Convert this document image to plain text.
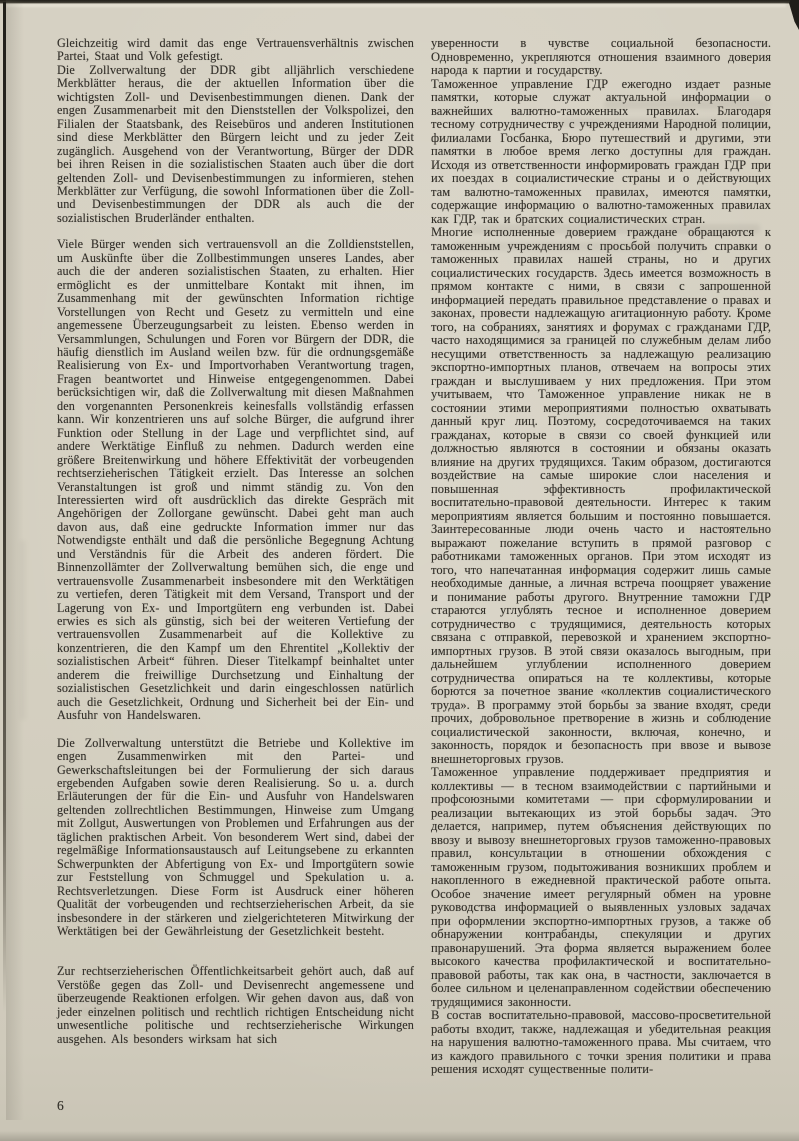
Gleichzeitig wird damit das enge Vertrauensverhältnis zwischen Partei, Staat und Volk gefestigt.

Die Zollverwaltung der DDR gibt alljährlich verschiedene Merkblätter heraus, die der aktuellen Information über die wichtigsten Zoll- und Devisenbestimmungen dienen. Dank der engen Zusammenarbeit mit den Dienststellen der Volkspolizei, den Filialen der Staatsbank, des Reisebüros und anderen Institutionen sind diese Merkblätter den Bürgern leicht und zu jeder Zeit zugänglich. Ausgehend von der Verantwortung, Bürger der DDR bei ihren Reisen in die sozialistischen Staaten auch über die dort geltenden Zoll- und Devisenbestimmungen zu informieren, stehen Merkblätter zur Verfügung, die sowohl Informationen über die Zoll- und Devisenbestimmungen der DDR als auch die der sozialistischen Bruderländer enthalten.

Viele Bürger wenden sich vertrauensvoll an die Zolldienststellen, um Auskünfte über die Zollbestimmungen unseres Landes, aber auch die der anderen sozialistischen Staaten, zu erhalten. Hier ermöglicht es der unmittelbare Kontakt mit ihnen, im Zusammenhang mit der gewünschten Information richtige Vorstellungen von Recht und Gesetz zu vermitteln und eine angemessene Überzeugungsarbeit zu leisten. Ebenso werden in Versammlungen, Schulungen und Foren vor Bürgern der DDR, die häufig dienstlich im Ausland weilen bzw. für die ordnungsgemäße Realisierung von Ex- und Importvorhaben Verantwortung tragen, Fragen beantwortet und Hinweise entgegengenommen. Dabei berücksichtigen wir, daß die Zollverwaltung mit diesen Maßnahmen den vorgenannten Personenkreis keinesfalls vollständig erfassen kann. Wir konzentrieren uns auf solche Bürger, die aufgrund ihrer Funktion oder Stellung in der Lage und verpflichtet sind, auf andere Werktätige Einfluß zu nehmen. Dadurch werden eine größere Breitenwirkung und höhere Effektivität der vorbeugenden rechtserzieherischen Tätigkeit erzielt. Das Interesse an solchen Veranstaltungen ist groß und nimmt ständig zu. Von den Interessierten wird oft ausdrücklich das direkte Gespräch mit Angehörigen der Zollorgane gewünscht. Dabei geht man auch davon aus, daß eine gedruckte Information immer nur das Notwendigste enthält und daß die persönliche Begegnung Achtung und Verständnis für die Arbeit des anderen fördert. Die Binnenzollämter der Zollverwaltung bemühen sich, die enge und vertrauensvolle Zusammenarbeit insbesondere mit den Werktätigen zu vertiefen, deren Tätigkeit mit dem Versand, Transport und der Lagerung von Ex- und Importgütern eng verbunden ist. Dabei erwies es sich als günstig, sich bei der weiteren Vertiefung der vertrauensvollen Zusammenarbeit auf die Kollektive zu konzentrieren, die den Kampf um den Ehrentitel „Kollektiv der sozialistischen Arbeit“ führen. Dieser Titelkampf beinhaltet unter anderem die freiwillige Durchsetzung und Einhaltung der sozialistischen Gesetzlichkeit und darin eingeschlossen natürlich auch die Gesetzlichkeit, Ordnung und Sicherheit bei der Ein- und Ausfuhr von Handelswaren.

Die Zollverwaltung unterstützt die Betriebe und Kollektive im engen Zusammenwirken mit den Partei- und Gewerkschaftsleitungen bei der Formulierung der sich daraus ergebenden Aufgaben sowie deren Realisierung. So u. a. durch Erläuterungen der für die Ein- und Ausfuhr von Handelswaren geltenden zollrechtlichen Bestimmungen, Hinweise zum Umgang mit Zollgut, Auswertungen von Problemen und Erfahrungen aus der täglichen praktischen Arbeit. Von besonderem Wert sind, dabei der regelmäßige Informationsaustausch auf Leitungsebene zu erkannten Schwerpunkten der Abfertigung von Ex- und Importgütern sowie zur Feststellung von Schmuggel und Spekulation u. a. Rechtsverletzungen. Diese Form ist Ausdruck einer höheren Qualität der vorbeugenden und rechtserzieherischen Arbeit, da sie insbesondere in der stärkeren und zielgerichteteren Mitwirkung der Werktätigen bei der Gewährleistung der Gesetzlichkeit besteht.

Zur rechtserzieherischen Öffentlichkeitsarbeit gehört auch, daß auf Verstöße gegen das Zoll- und Devisenrecht angemessene und überzeugende Reaktionen erfolgen. Wir gehen davon aus, daß von jeder einzelnen politisch und rechtlich richtigen Entscheidung nicht unwesentliche politische und rechtserzieherische Wirkungen ausgehen. Als besonders wirksam hat sich

уверенности в чувстве социальной безопасности. Одновременно, укрепляются отношения взаимного доверия народа к партии и государству.

Таможенное управление ГДР ежегодно издает разные памятки, которые служат актуальной информации о важнейших валютно-таможенных правилах. Благодаря тесному сотрудничеству с учреждениями Народной полиции, филиалами Госбанка, Бюро путешествий и другими, эти памятки в любое время легко доступны для граждан. Исходя из ответственности информировать граждан ГДР при их поездах в социалистические страны и о действующих там валютно-таможенных правилах, имеются памятки, содержащие информацию о валютно-таможенных правилах как ГДР, так и братских социалистических стран.

Многие исполненные доверием граждане обращаются к таможенным учреждениям с просьбой получить справки о таможенных правилах нашей страны, но и других социалистических государств. Здесь имеется возможность в прямом контакте с ними, в связи с запрошенной информацией передать правильное представление о правах и законах, провести надлежащую агитационную работу. Кроме того, на собраниях, занятиях и форумах с гражданами ГДР, часто находящимися за границей по служебным делам либо несущими ответственность за надлежащую реализацию экспортно-импортных планов, отвечаем на вопросы этих граждан и выслушиваем у них предложения. При этом учитываем, что Таможенное управление никак не в состоянии этими мероприятиями полностью охватывать данный круг лиц. Поэтому, сосредоточиваемся на таких гражданах, которые в связи со своей функцией или должностью являются в состоянии и обязаны оказать влияние на других трудящихся. Таким образом, достигаются воздействие на самые широкие слои населения и повышенная эффективность профилактической воспитательно-правовой деятельности. Интерес к таким мероприятиям является большим и постоянно повышается. Заинтересованные люди очень часто и настоятельно выражают пожелание вступить в прямой разговор с работниками таможенных органов. При этом исходят из того, что напечатанная информация содержит лишь самые необходимые данные, а личная встреча поощряет уважение и понимание работы другого. Внутренние таможни ГДР стараются углублять тесное и исполненное доверием сотрудничество с трудящимися, деятельность которых связана с отправкой, перевозкой и хранением экспортно-импортных грузов. В этой связи оказалось выгодным, при дальнейшем углублении исполненного доверием сотрудничества опираться на те коллективы, которые борются за почетное звание «коллектив социалистического труда». В программу этой борьбы за звание входят, среди прочих, добровольное претворение в жизнь и соблюдение социалистической законности, включая, конечно, и законность, порядок и безопасность при ввозе и вывозе внешнеторговых грузов.

Таможенное управление поддерживает предприятия и коллективы — в тесном взаимодействии с партийными и профсоюзными комитетами — при сформулировании и реализации вытекающих из этой борьбы задач. Это делается, например, путем объяснения действующих по ввозу и вывозу внешнеторговых грузов таможенно-правовых правил, консультации в отношении обхождения с таможенным грузом, подытоживания возникших проблем и накопленного в ежедневной практической работе опыта. Особое значение имеет регулярный обмен на уровне руководства информацией о выявленных узловых задачах при оформлении экспортно-импортных грузов, а также об обнаружении контрабанды, спекуляции и других правонарушений. Эта форма является выражением более высокого качества профилактической и воспитательно-правовой работы, так как она, в частности, заключается в более сильном и целенаправленном содействии обеспечению трудящимися законности.

В состав воспитательно-правовой, массово-просветительной работы входит, также, надлежащая и убедительная реакция на нарушения валютно-таможенного права. Мы считаем, что из каждого правильного с точки зрения политики и права решения исходят существенные полити-

6
